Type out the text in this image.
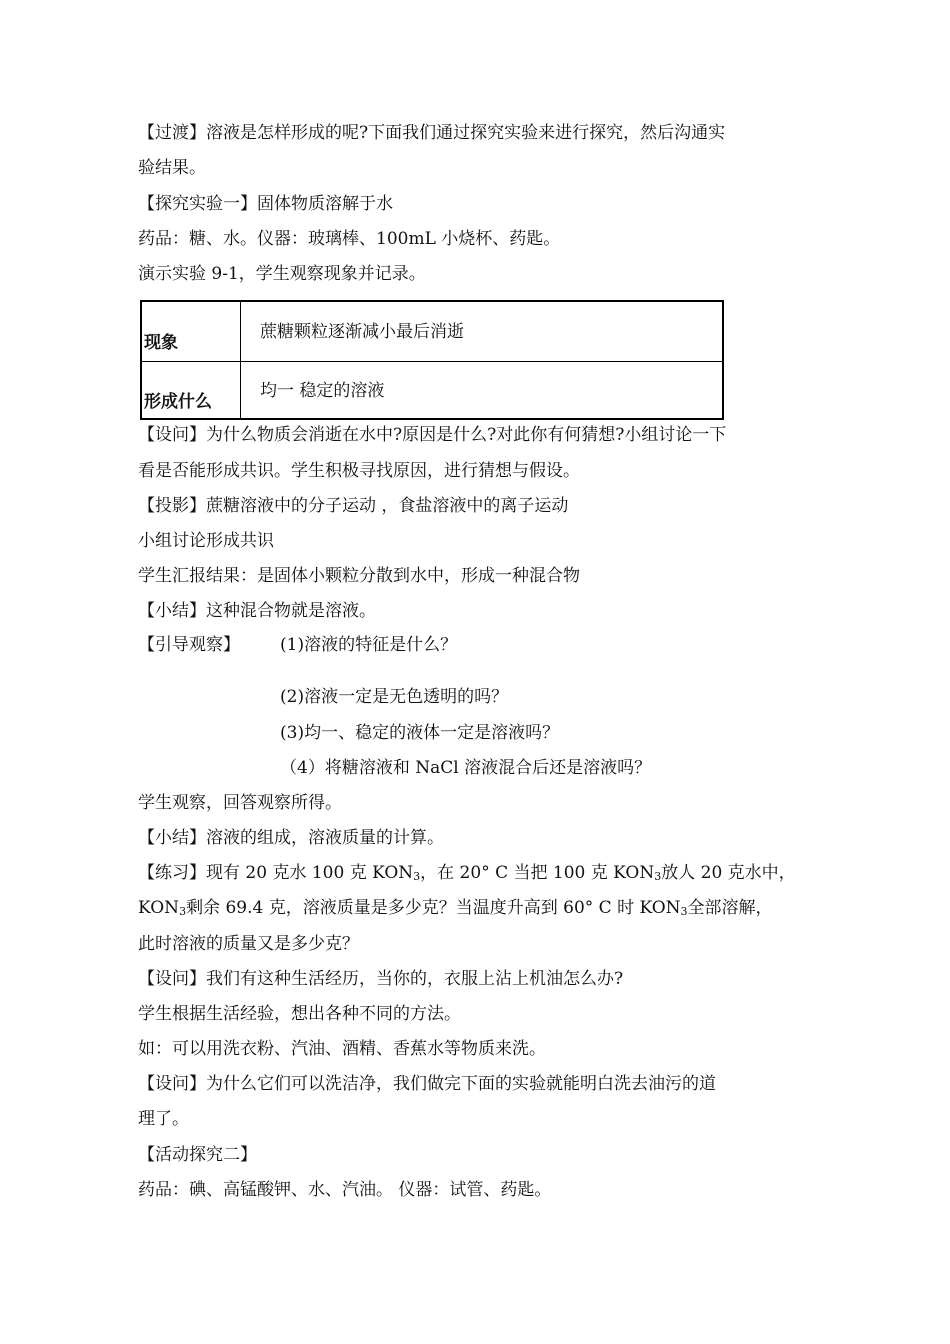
【过渡】溶液是怎样形成的呢?下面我们通过探究实验来进行探究，然后沟通实
验结果。
【探究实验一】固体物质溶解于水
药品：糖、水。仪器：玻璃棒、100mL 小烧杯、药匙。
演示实验 9-1，学生观察现象并记录。
现象
蔗糖颗粒逐渐减小最后消逝
形成什么
均一 稳定的溶液
【设问】为什么物质会消逝在水中?原因是什么?对此你有何猜想?小组讨论一下
看是否能形成共识。学生积极寻找原因，进行猜想与假设。
【投影】蔗糖溶液中的分子运动 ，食盐溶液中的离子运动
小组讨论形成共识
学生汇报结果：是固体小颗粒分散到水中，形成一种混合物
【小结】这种混合物就是溶液。
【引导观察】 (1)溶液的特征是什么？
(2)溶液一定是无色透明的吗？
(3)均一、稳定的液体一定是溶液吗？
（4）将糖溶液和 NaCl 溶液混合后还是溶液吗？
学生观察，回答观察所得。
【小结】溶液的组成，溶液质量的计算。
【练习】现有 20 克水 100 克 KON3，在 20° C 当把 100 克 KON3放人 20 克水中，
KON3剩余 69.4 克，溶液质量是多少克？当温度升高到 60° C 时 KON3全部溶解，
此时溶液的质量又是多少克？
【设问】我们有这种生活经历，当你的，衣服上沾上机油怎么办?
学生根据生活经验，想出各种不同的方法。
如：可以用洗衣粉、汽油、酒精、香蕉水等物质来洗。
【设问】为什么它们可以洗洁净，我们做完下面的实验就能明白洗去油污的道
理了。
【活动探究二】
药品：碘、高锰酸钾、水、汽油。 仪器：试管、药匙。
